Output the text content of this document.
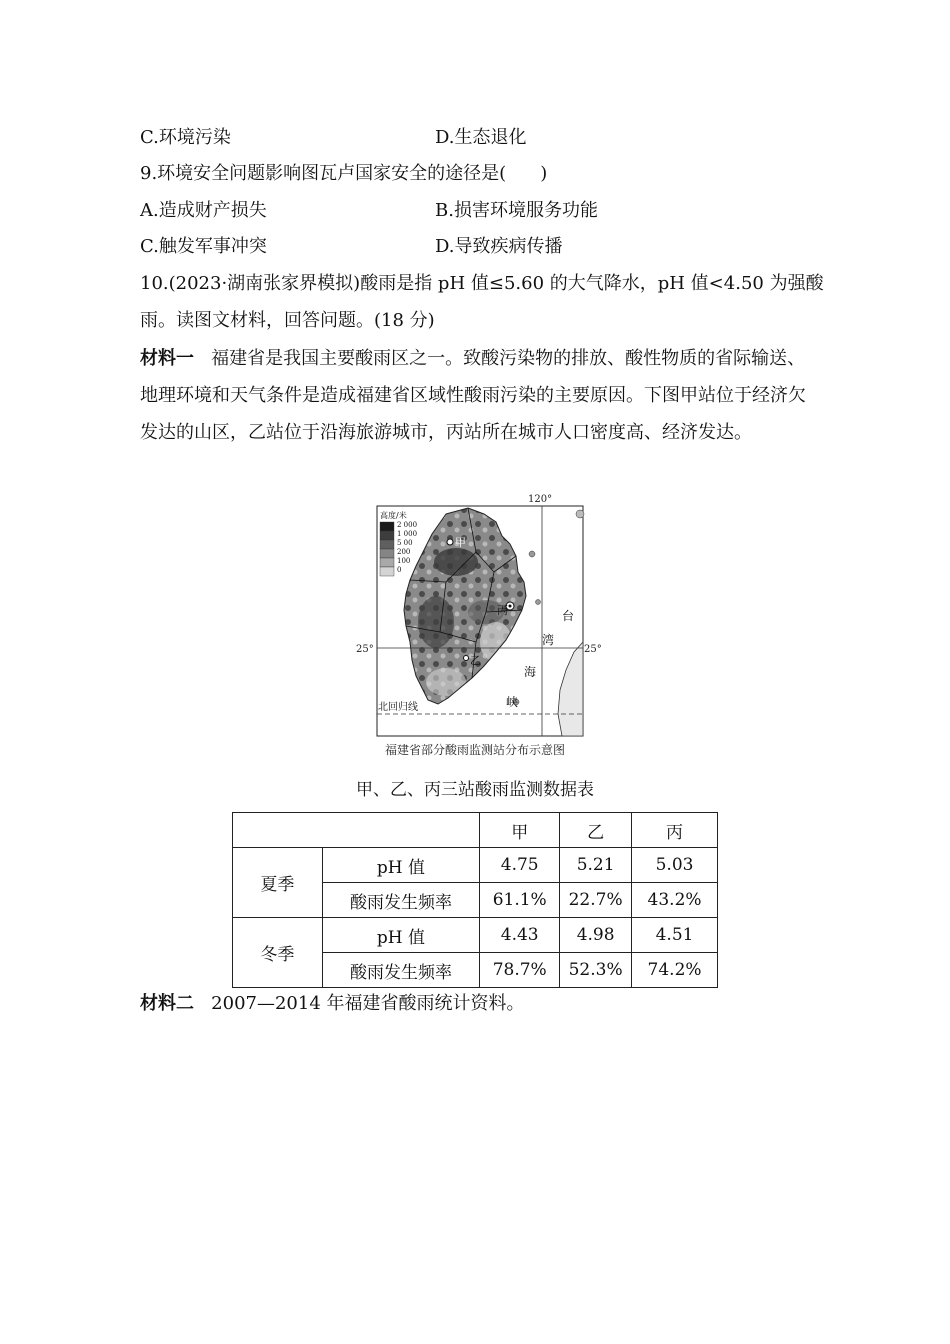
C.环境污染	D.生态退化
9.环境安全问题影响图瓦卢国家安全的途径是( )
A.造成财产损失	B.损害环境服务功能
C.触发军事冲突	D.导致疾病传播
10.(2023·湖南张家界模拟)酸雨是指 pH 值≤5.60 的大气降水，pH 值<4.50 为强酸
雨。读图文材料，回答问题。(18 分)
材料一 福建省是我国主要酸雨区之一。致酸污染物的排放、酸性物质的省际输送、地理环境和天气条件是造成福建省区域性酸雨污染的主要原因。下图甲站位于经济欠发达的山区，乙站位于沿海旅游城市，丙站所在城市人口密度高、经济发达。
120°
25°	25°
北回归线
高度/米
2 000
1 000
5 00
200
100
0
甲
丙
乙
台
湾
海
峡
福建省部分酸雨监测站分布示意图
甲、乙、丙三站酸雨监测数据表
		甲	乙	丙
夏季	pH 值	4.75	5.21	5.03
	酸雨发生频率	61.1%	22.7%	43.2%
冬季	pH 值	4.43	4.98	4.51
	酸雨发生频率	78.7%	52.3%	74.2%
材料二 2007—2014 年福建省酸雨统计资料。
